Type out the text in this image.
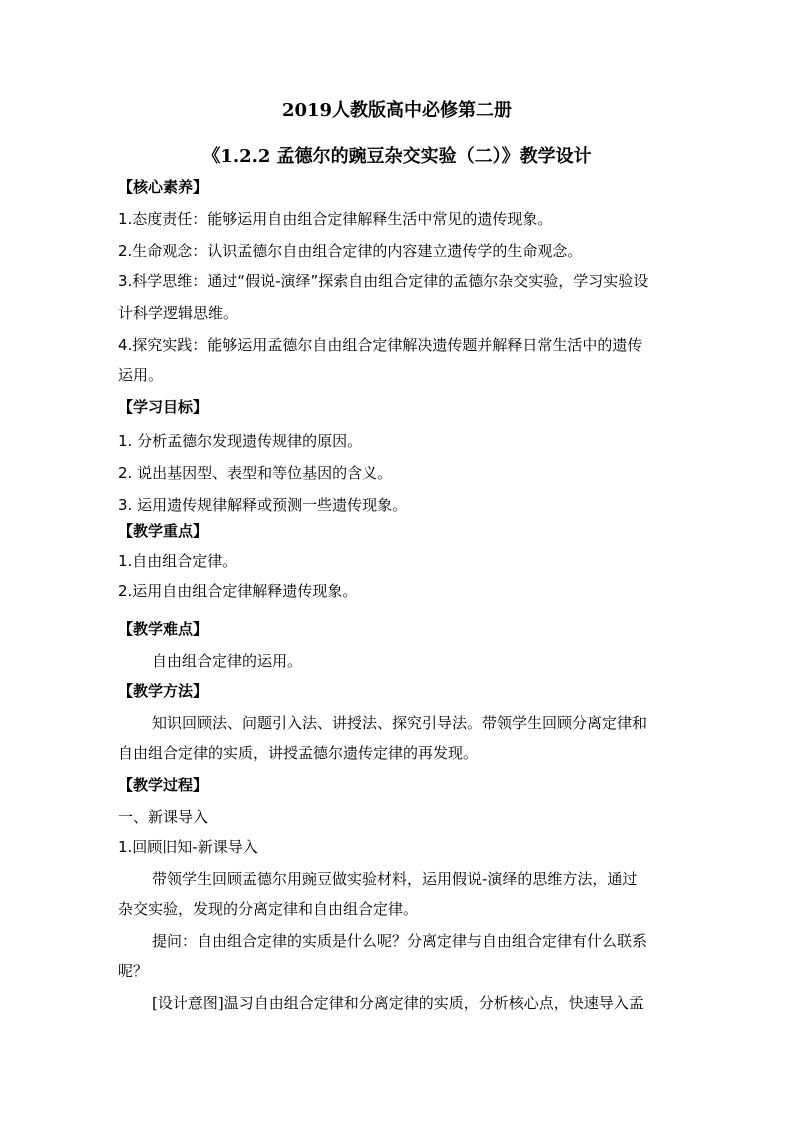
2019人教版高中必修第二册
《1.2.2 孟德尔的豌豆杂交实验（二）》教学设计
【核心素养】
1.态度责任：能够运用自由组合定律解释生活中常见的遗传现象。
2.生命观念：认识孟德尔自由组合定律的内容建立遗传学的生命观念。
3.科学思维：通过“假说-演绎”探索自由组合定律的孟德尔杂交实验，学习实验设
计科学逻辑思维。
4.探究实践：能够运用孟德尔自由组合定律解决遗传题并解释日常生活中的遗传
运用。
【学习目标】
1. 分析孟德尔发现遗传规律的原因。
2. 说出基因型、表型和等位基因的含义。
3. 运用遗传规律解释或预测一些遗传现象。
【教学重点】
1.自由组合定律。
2.运用自由组合定律解释遗传现象。
【教学难点】
自由组合定律的运用。
【教学方法】
知识回顾法、问题引入法、讲授法、探究引导法。带领学生回顾分离定律和
自由组合定律的实质，讲授孟德尔遗传定律的再发现。
【教学过程】
一、新课导入
1.回顾旧知-新课导入
带领学生回顾孟德尔用豌豆做实验材料，运用假说-演绎的思维方法，通过
杂交实验，发现的分离定律和自由组合定律。
提问：自由组合定律的实质是什么呢？分离定律与自由组合定律有什么联系
呢？
[设计意图]温习自由组合定律和分离定律的实质，分析核心点，快速导入孟
